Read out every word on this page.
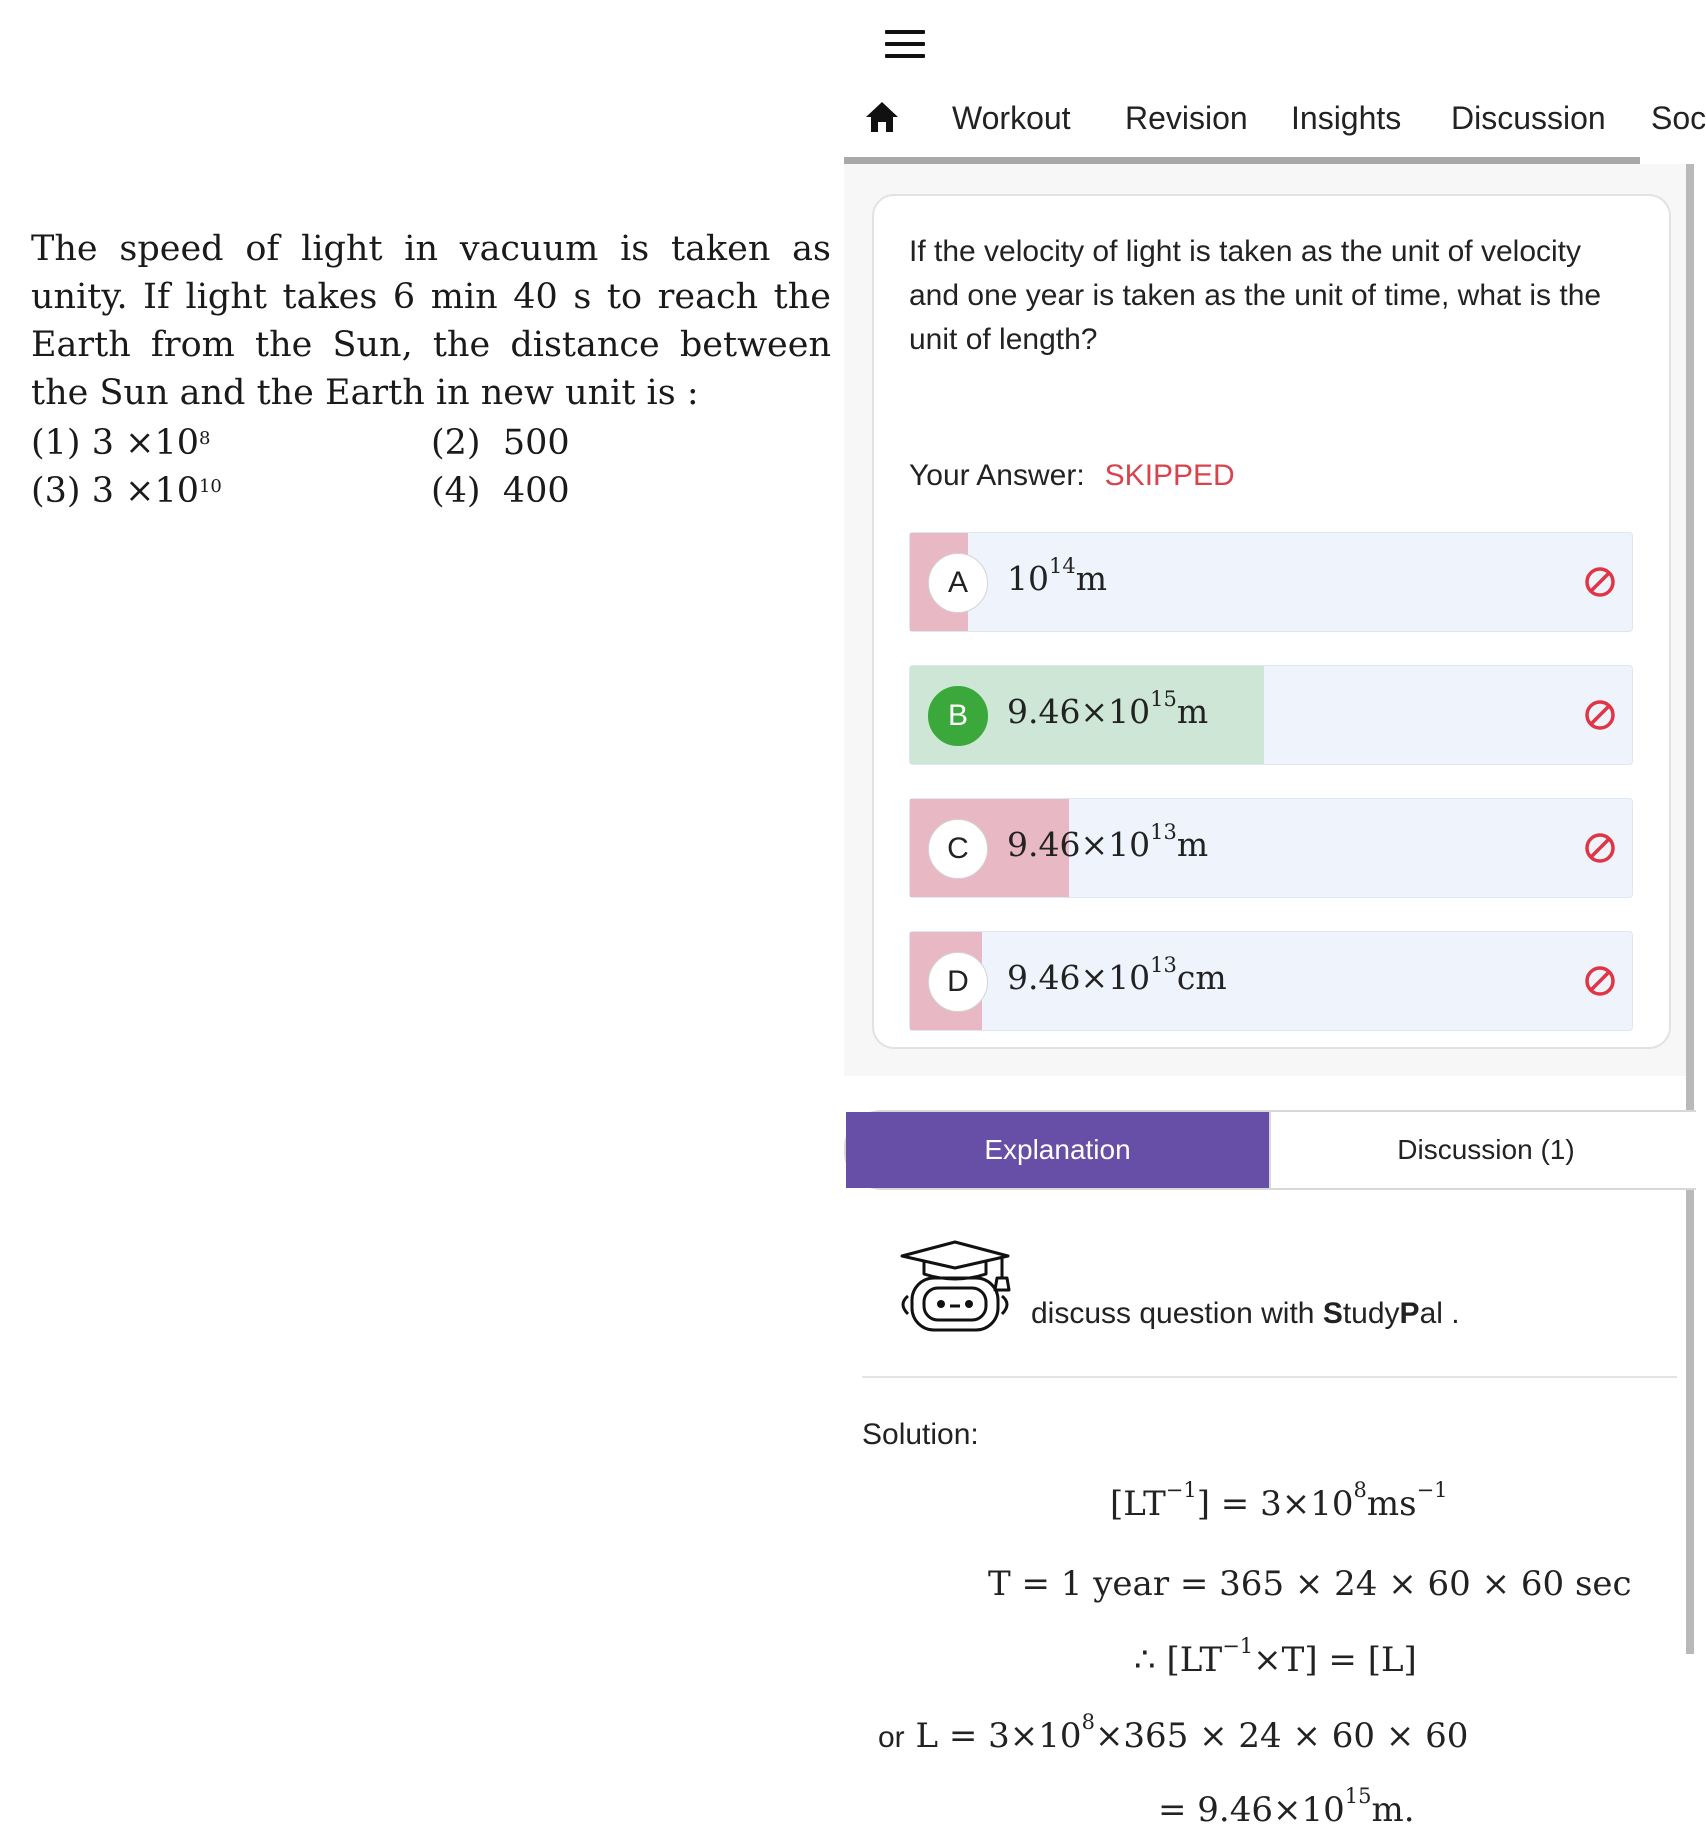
The speed of light in vacuum is taken as unity. If light takes 6 min 40 s to reach the Earth from the Sun, the distance between the Sun and the Earth in new unit is :
(1) $3 \times 10^8$	(2) 500
(3) $3 \times 10^{10}$	(4) 400
Workout Revision Insights Discussion Soc
If the velocity of light is taken as the unit of velocity and one year is taken as the unit of time, what is the unit of length?
Your Answer: SKIPPED
A	$10^{14}m$
B	$9.46\times 10^{15}m$
C	$9.46\times 10^{13}m$
D	$9.46\times 10^{13}cm$
Explanation	Discussion (1)
discuss question with StudyPal .
Solution:
$[LT^{-1}] = 3\times 10^8ms^{-1}$
T = 1 year = 365 × 24 × 60 × 60 sec
∴ $[LT^{-1}\times T] = [L]$
or $L = 3\times 10^8\times 365 \times 24 \times 60 \times 60$
= $9.46\times 10^{15}m$.
